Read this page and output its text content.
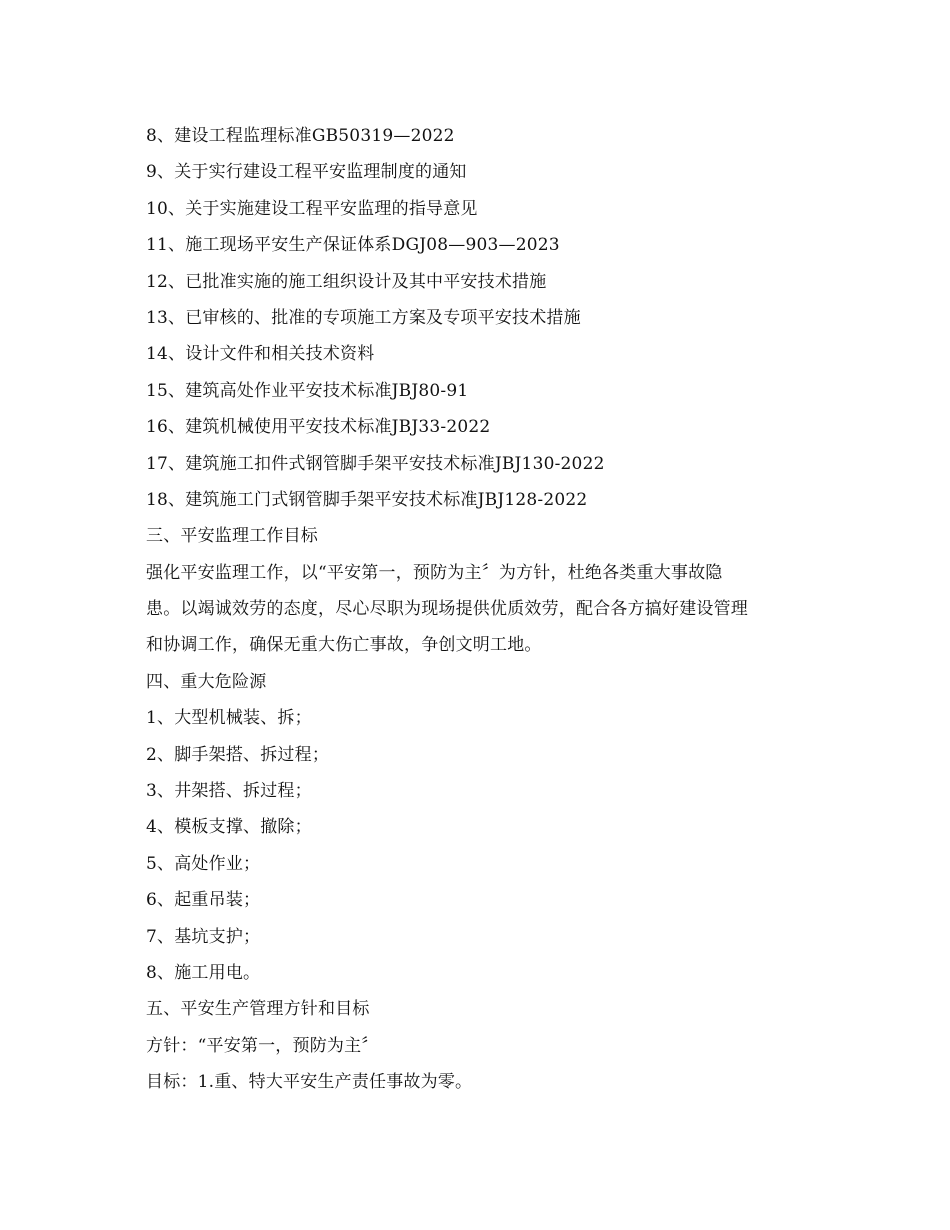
8、建设工程监理标准GB50319—2022
9、关于实行建设工程平安监理制度的通知
10、关于实施建设工程平安监理的指导意见
11、施工现场平安生产保证体系DGJ08—903—2023
12、已批准实施的施工组织设计及其中平安技术措施
13、已审核的、批准的专项施工方案及专项平安技术措施
14、设计文件和相关技术资料
15、建筑高处作业平安技术标准JBJ80-91
16、建筑机械使用平安技术标准JBJ33-2022
17、建筑施工扣件式钢管脚手架平安技术标准JBJ130-2022
18、建筑施工门式钢管脚手架平安技术标准JBJ128-2022
三、平安监理工作目标
强化平安监理工作，以“平安第一，预防为主〞为方针，杜绝各类重大事故隐
患。以竭诚效劳的态度，尽心尽职为现场提供优质效劳，配合各方搞好建设管理
和协调工作，确保无重大伤亡事故，争创文明工地。
四、重大危险源
1、大型机械装、拆；
2、脚手架搭、拆过程；
3、井架搭、拆过程；
4、模板支撑、撤除；
5、高处作业；
6、起重吊装；
7、基坑支护；
8、施工用电。
五、平安生产管理方针和目标
方针：“平安第一，预防为主〞
目标：1.重、特大平安生产责任事故为零。
